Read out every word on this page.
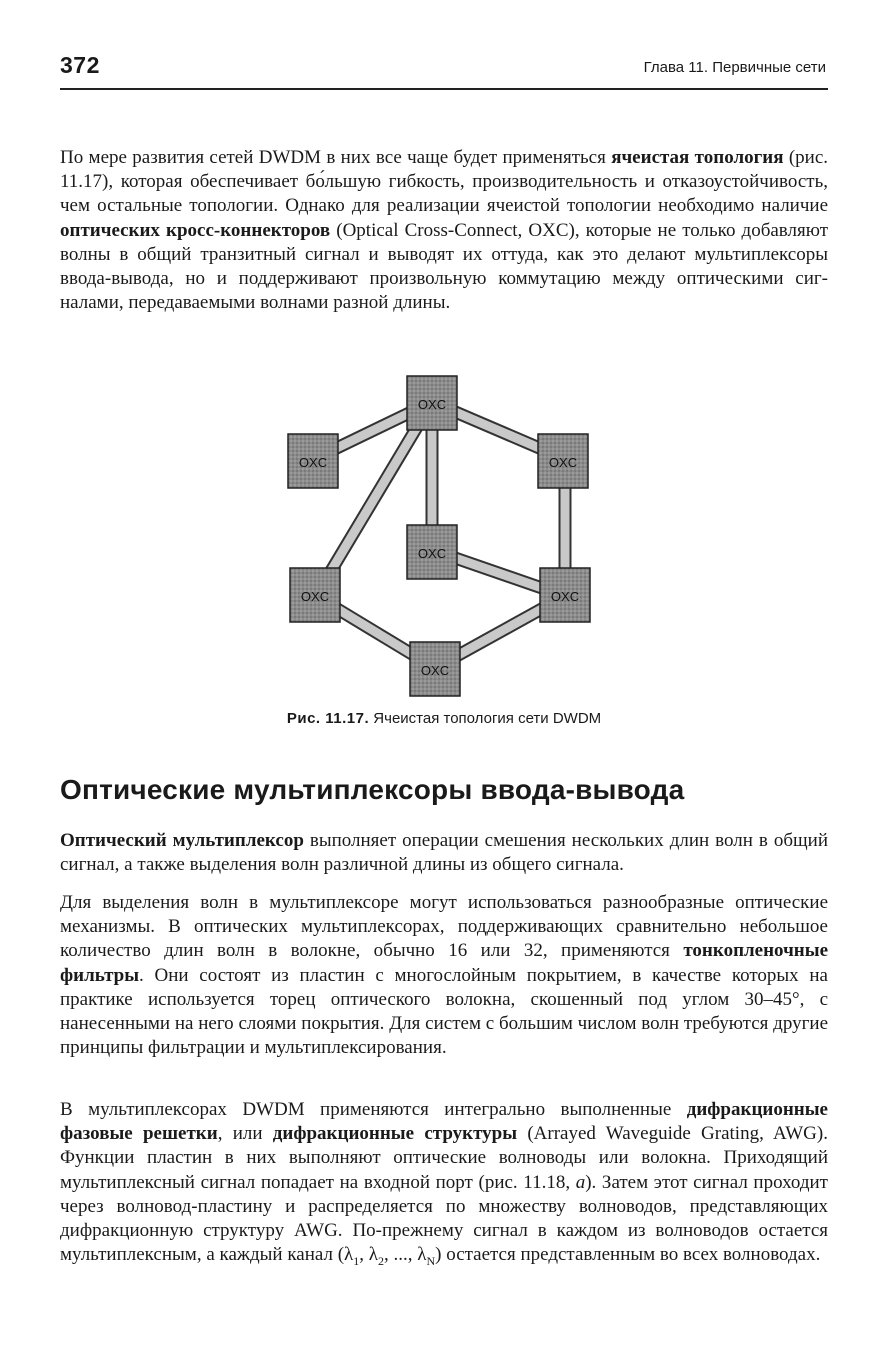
372	Глава 11. Первичные сети

По мере развития сетей DWDM в них все чаще будет применяться ячеистая топология (рис. 11.17), которая обеспечивает бо́льшую гибкость, производительность и отказоустойчивость, чем остальные топологии. Однако для реализации ячеистой топологии необходимо наличие оптических кросс-коннекторов (Optical Cross-Connect, OXC), которые не только добавляют волны в общий транзитный сигнал и выводят их оттуда, как это делают мультиплексоры ввода-вывода, но и поддерживают произвольную коммутацию между оптическими сигналами, передаваемыми волнами разной длины.

OXC
OXC	OXC
OXC
OXC	OXC
OXC
Рис. 11.17. Ячеистая топология сети DWDM
Оптические мультиплексоры ввода-вывода

Оптический мультиплексор выполняет операции смешения нескольких длин волн в общий сигнал, а также выделения волн различной длины из общего сигнала.

Для выделения волн в мультиплексоре могут использоваться разнообразные оптические механизмы. В оптических мультиплексорах, поддерживающих сравнительно небольшое количество длин волн в волокне, обычно 16 или 32, применяются тонкопленочные фильтры. Они состоят из пластин с многослойным покрытием, в качестве которых на практике используется торец оптического волокна, скошенный под углом 30–45°, с нанесенными на него слоями покрытия. Для систем с большим числом волн требуются другие принципы фильтрации и мультиплексирования.

В мультиплексорах DWDM применяются интегрально выполненные дифракционные фазовые решетки, или дифракционные структуры (Arrayed Waveguide Grating, AWG). Функции пластин в них выполняют оптические волноводы или волокна. Приходящий мультиплексный сигнал попадает на входной порт (рис. 11.18, а). Затем этот сигнал проходит через волновод-пластину и распределяется по множеству волноводов, представляющих дифракционную структуру AWG. По-прежнему сигнал в каждом из волноводов остается мультиплексным, а каждый канал ($\lambda_1$, $\lambda_2$, ..., $\lambda_N$) остается представленным во всех волноводах.
